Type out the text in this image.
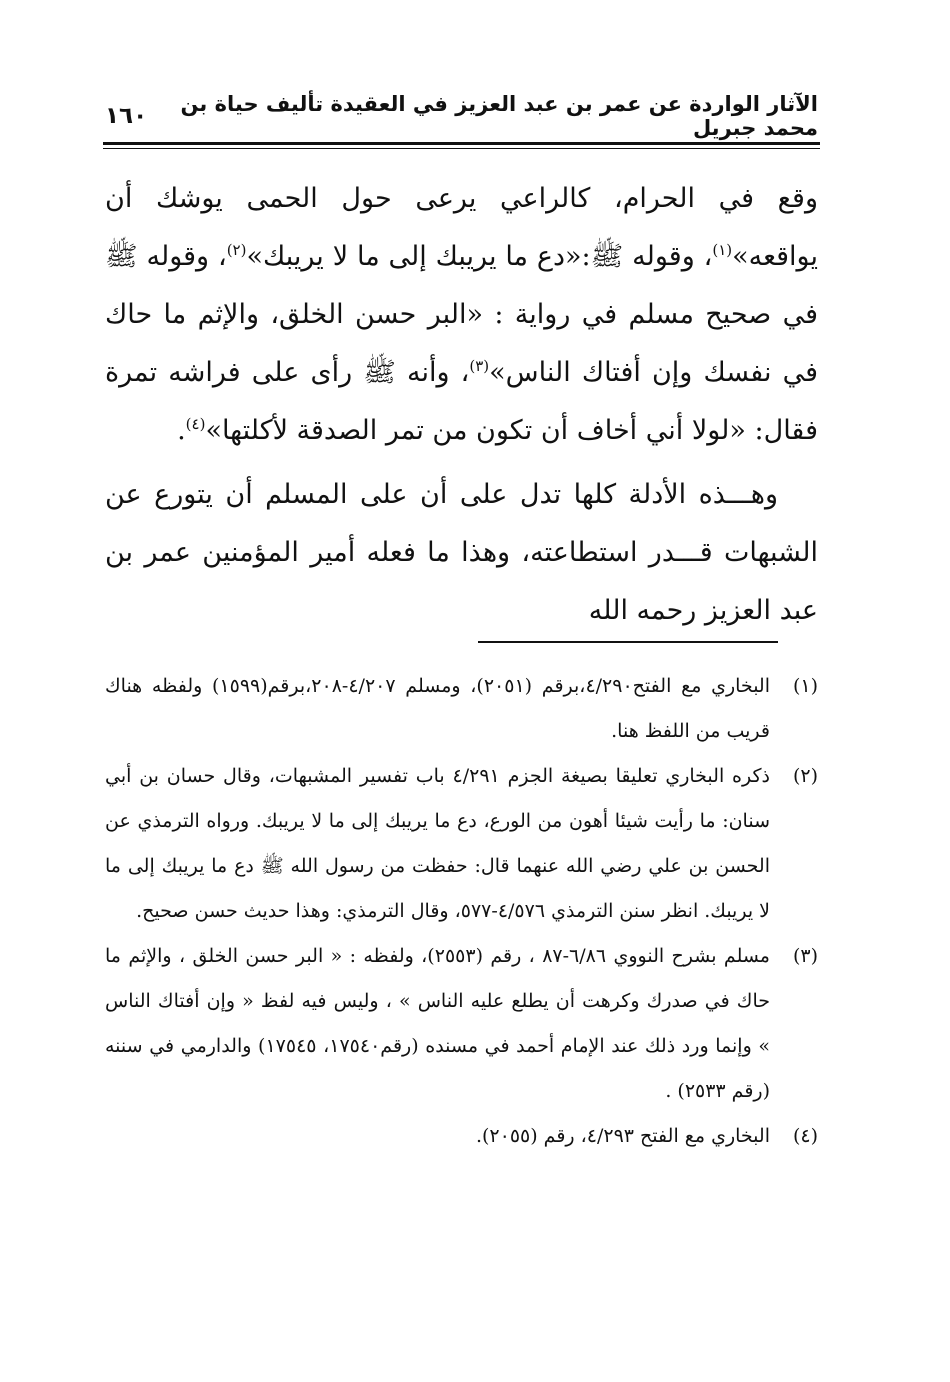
الآثار الواردة عن عمر بن عبد العزيز في العقيدة تأليف حياة بن محمد جبريل
١٦٠

وقع في الحرام، كالراعي يرعى حول الحمى يوشك أن يواقعه»$^{(١)}$، وقوله ﷺ:«دع ما يريبك إلى ما لا يريبك»$^{(٢)}$، وقوله ﷺ في صحيح مسلم في رواية : «البر حسن الخلق، والإثم ما حاك في نفسك وإن أفتاك الناس»$^{(٣)}$، وأنه ﷺ رأى على فراشه تمرة فقال: «لولا أني أخاف أن تكون من تمر الصدقة لأكلتها»$^{(٤)}$.

وهـــذه الأدلة كلها تدل على أن على المسلم أن يتورع عن الشبهات قـــدر استطاعته، وهذا ما فعله أمير المؤمنين عمر بن عبد العزيز رحمه الله

(١)
البخاري مع الفتح٤/٢٩٠،برقم (٢٠٥١)، ومسلم ٤/٢٠٧-٢٠٨،برقم(١٥٩٩) ولفظه هناك قريب من اللفظ هنا.
(٢)
ذكره البخاري تعليقا بصيغة الجزم ٤/٢٩١ باب تفسير المشبهات، وقال حسان بن أبي سنان: ما رأيت شيئا أهون من الورع، دع ما يريبك إلى ما لا يريبك. ورواه الترمذي عن الحسن بن علي رضي الله عنهما قال: حفظت من رسول الله ﷺ دع ما يريبك إلى ما لا يريبك. انظر سنن الترمذي ٤/٥٧٦-٥٧٧، وقال الترمذي: وهذا حديث حسن صحيح.
(٣)
مسلم بشرح النووي ٦/٨٦-٨٧ ، رقم (٢٥٥٣)، ولفظه : « البر حسن الخلق ، والإثم ما حاك في صدرك وكرهت أن يطلع عليه الناس » ، وليس فيه لفظ « وإن أفتاك الناس » وإنما ورد ذلك عند الإمام أحمد في مسنده (رقم١٧٥٤٠، ١٧٥٤٥) والدارمي في سننه (رقم ٢٥٣٣) .
(٤)
البخاري مع الفتح ٤/٢٩٣، رقم (٢٠٥٥).
